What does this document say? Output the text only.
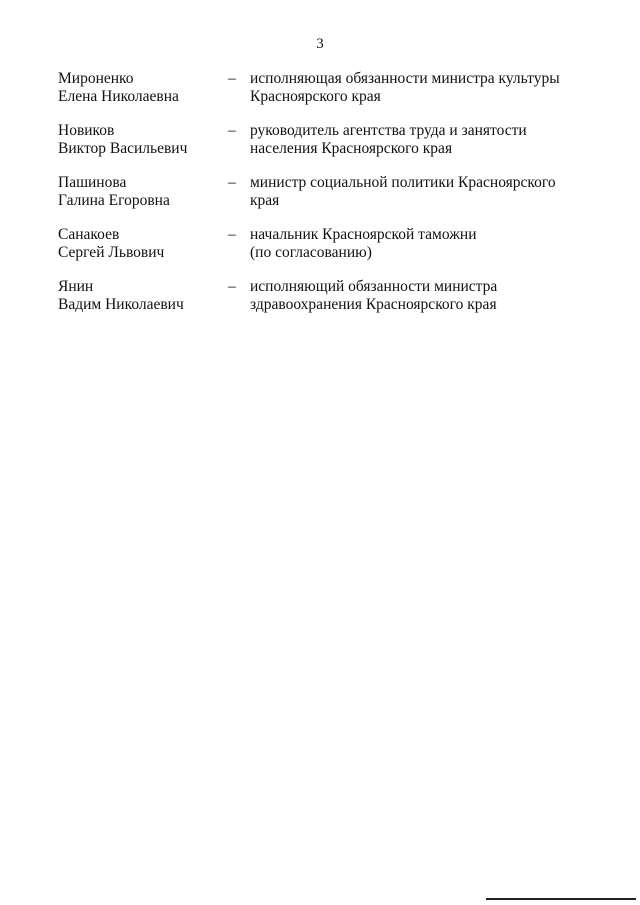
3
Мироненко
Елена Николаевна
– исполняющая обязанности министра культуры
Красноярского края
Новиков
Виктор Васильевич
– руководитель агентства труда и занятости
населения Красноярского края
Пашинова
Галина Егоровна
– министр социальной политики Красноярского
края
Санакоев
Сергей Львович
– начальник Красноярской таможни
(по согласованию)
Янин
Вадим Николаевич
– исполняющий обязанности министра
здравоохранения Красноярского края
